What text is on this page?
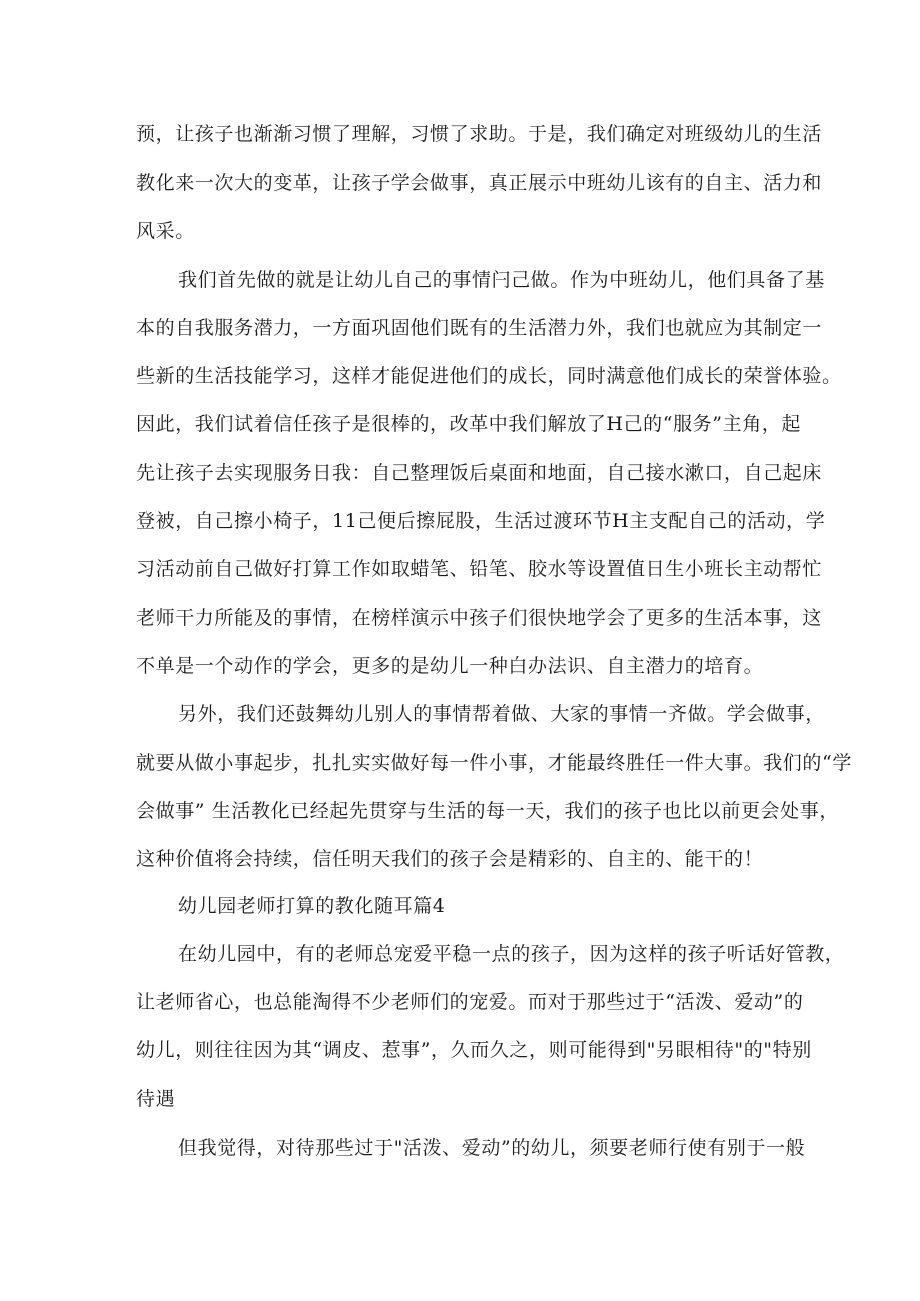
预，让孩子也渐渐习惯了理解，习惯了求助。于是，我们确定对班级幼儿的生活
教化来一次大的变革，让孩子学会做事，真正展示中班幼儿该有的自主、活力和
风采。
我们首先做的就是让幼儿自己的事情闩己做。作为中班幼儿，他们具备了基
本的自我服务潜力，一方面巩固他们既有的生活潜力外，我们也就应为其制定一
些新的生活技能学习，这样才能促进他们的成长，同时满意他们成长的荣誉体验。
因此，我们试着信任孩子是很棒的，改革中我们解放了H己的“服务”主角，起
先让孩子去实现服务日我：自己整理饭后桌面和地面，自己接水漱口，自己起床
登被，自己擦小椅子，11己便后擦屁股，生活过渡环节H主支配自己的活动，学
习活动前自己做好打算工作如取蜡笔、铅笔、胶水等设置值日生小班长主动帮忙
老师干力所能及的事情，在榜样演示中孩子们很快地学会了更多的生活本事，这
不单是一个动作的学会，更多的是幼儿一种白办法识、自主潜力的培育。
另外，我们还鼓舞幼儿别人的事情帮着做、大家的事情一齐做。学会做事，
就要从做小事起步，扎扎实实做好每一件小事，才能最终胜任一件大事。我们的“学
会做事” 生活教化已经起先贯穿与生活的每一天，我们的孩子也比以前更会处事，
这种价值将会持续，信任明天我们的孩子会是精彩的、自主的、能干的！
幼儿园老师打算的教化随耳篇4
在幼儿园中，有的老师总宠爱平稳一点的孩子，因为这样的孩子听话好管教，
让老师省心，也总能淘得不少老师们的宠爱。而对于那些过于“活泼、爱动”的
幼儿，则往往因为其“调皮、惹事”，久而久之，则可能得到"另眼相待"的"特别
待遇
但我觉得，对待那些过于"活泼、爱动”的幼儿，须要老师行使有别于一般
